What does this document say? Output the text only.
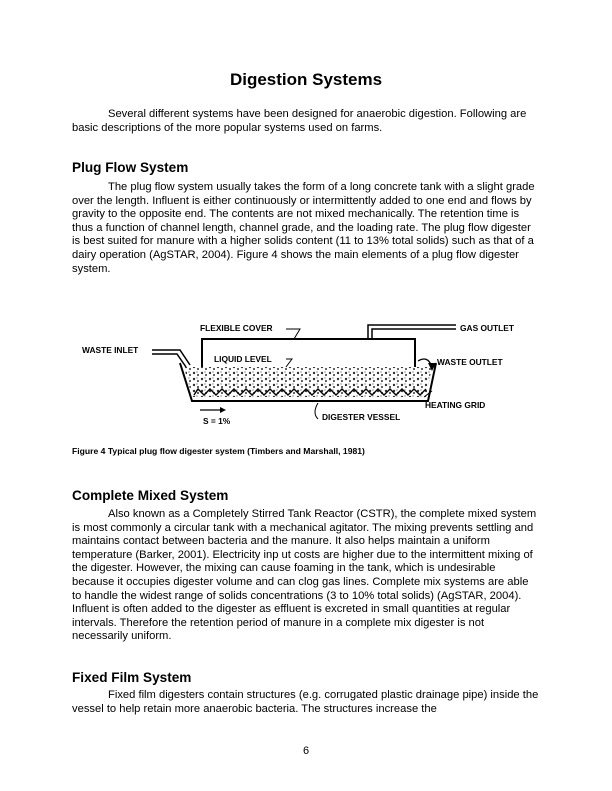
Digestion Systems

Several different systems have been designed for anaerobic digestion. Following are basic descriptions of the more popular systems used on farms.

Plug Flow System

The plug flow system usually takes the form of a long concrete tank with a slight grade over the length. Influent is either continuously or intermittently added to one end and flows by gravity to the opposite end. The contents are not mixed mechanically. The retention time is thus a function of channel length, channel grade, and the loading rate. The plug flow digester is best suited for manure with a higher solids content (11 to 13% total solids) such as that of a dairy operation (AgSTAR, 2004). Figure 4 shows the main elements of a plug flow digester system.

FLEXIBLE COVER	GAS OUTLET
WASTE INLET
LIQUID LEVEL	WASTE OUTLET
HEATING GRID
S = 1%	DIGESTER VESSEL

Figure 4 Typical plug flow digester system (Timbers and Marshall, 1981)

Complete Mixed System

Also known as a Completely Stirred Tank Reactor (CSTR), the complete mixed system is most commonly a circular tank with a mechanical agitator. The mixing prevents settling and maintains contact between bacteria and the manure. It also helps maintain a uniform temperature (Barker, 2001). Electricity inp ut costs are higher due to the intermittent mixing of the digester. However, the mixing can cause foaming in the tank, which is undesirable because it occupies digester volume and can clog gas lines. Complete mix systems are able to handle the widest range of solids concentrations (3 to 10% total solids) (AgSTAR, 2004). Influent is often added to the digester as effluent is excreted in small quantities at regular intervals. Therefore the retention period of manure in a complete mix digester is not necessarily uniform.

Fixed Film System

Fixed film digesters contain structures (e.g. corrugated plastic drainage pipe) inside the vessel to help retain more anaerobic bacteria. The structures increase the

6
